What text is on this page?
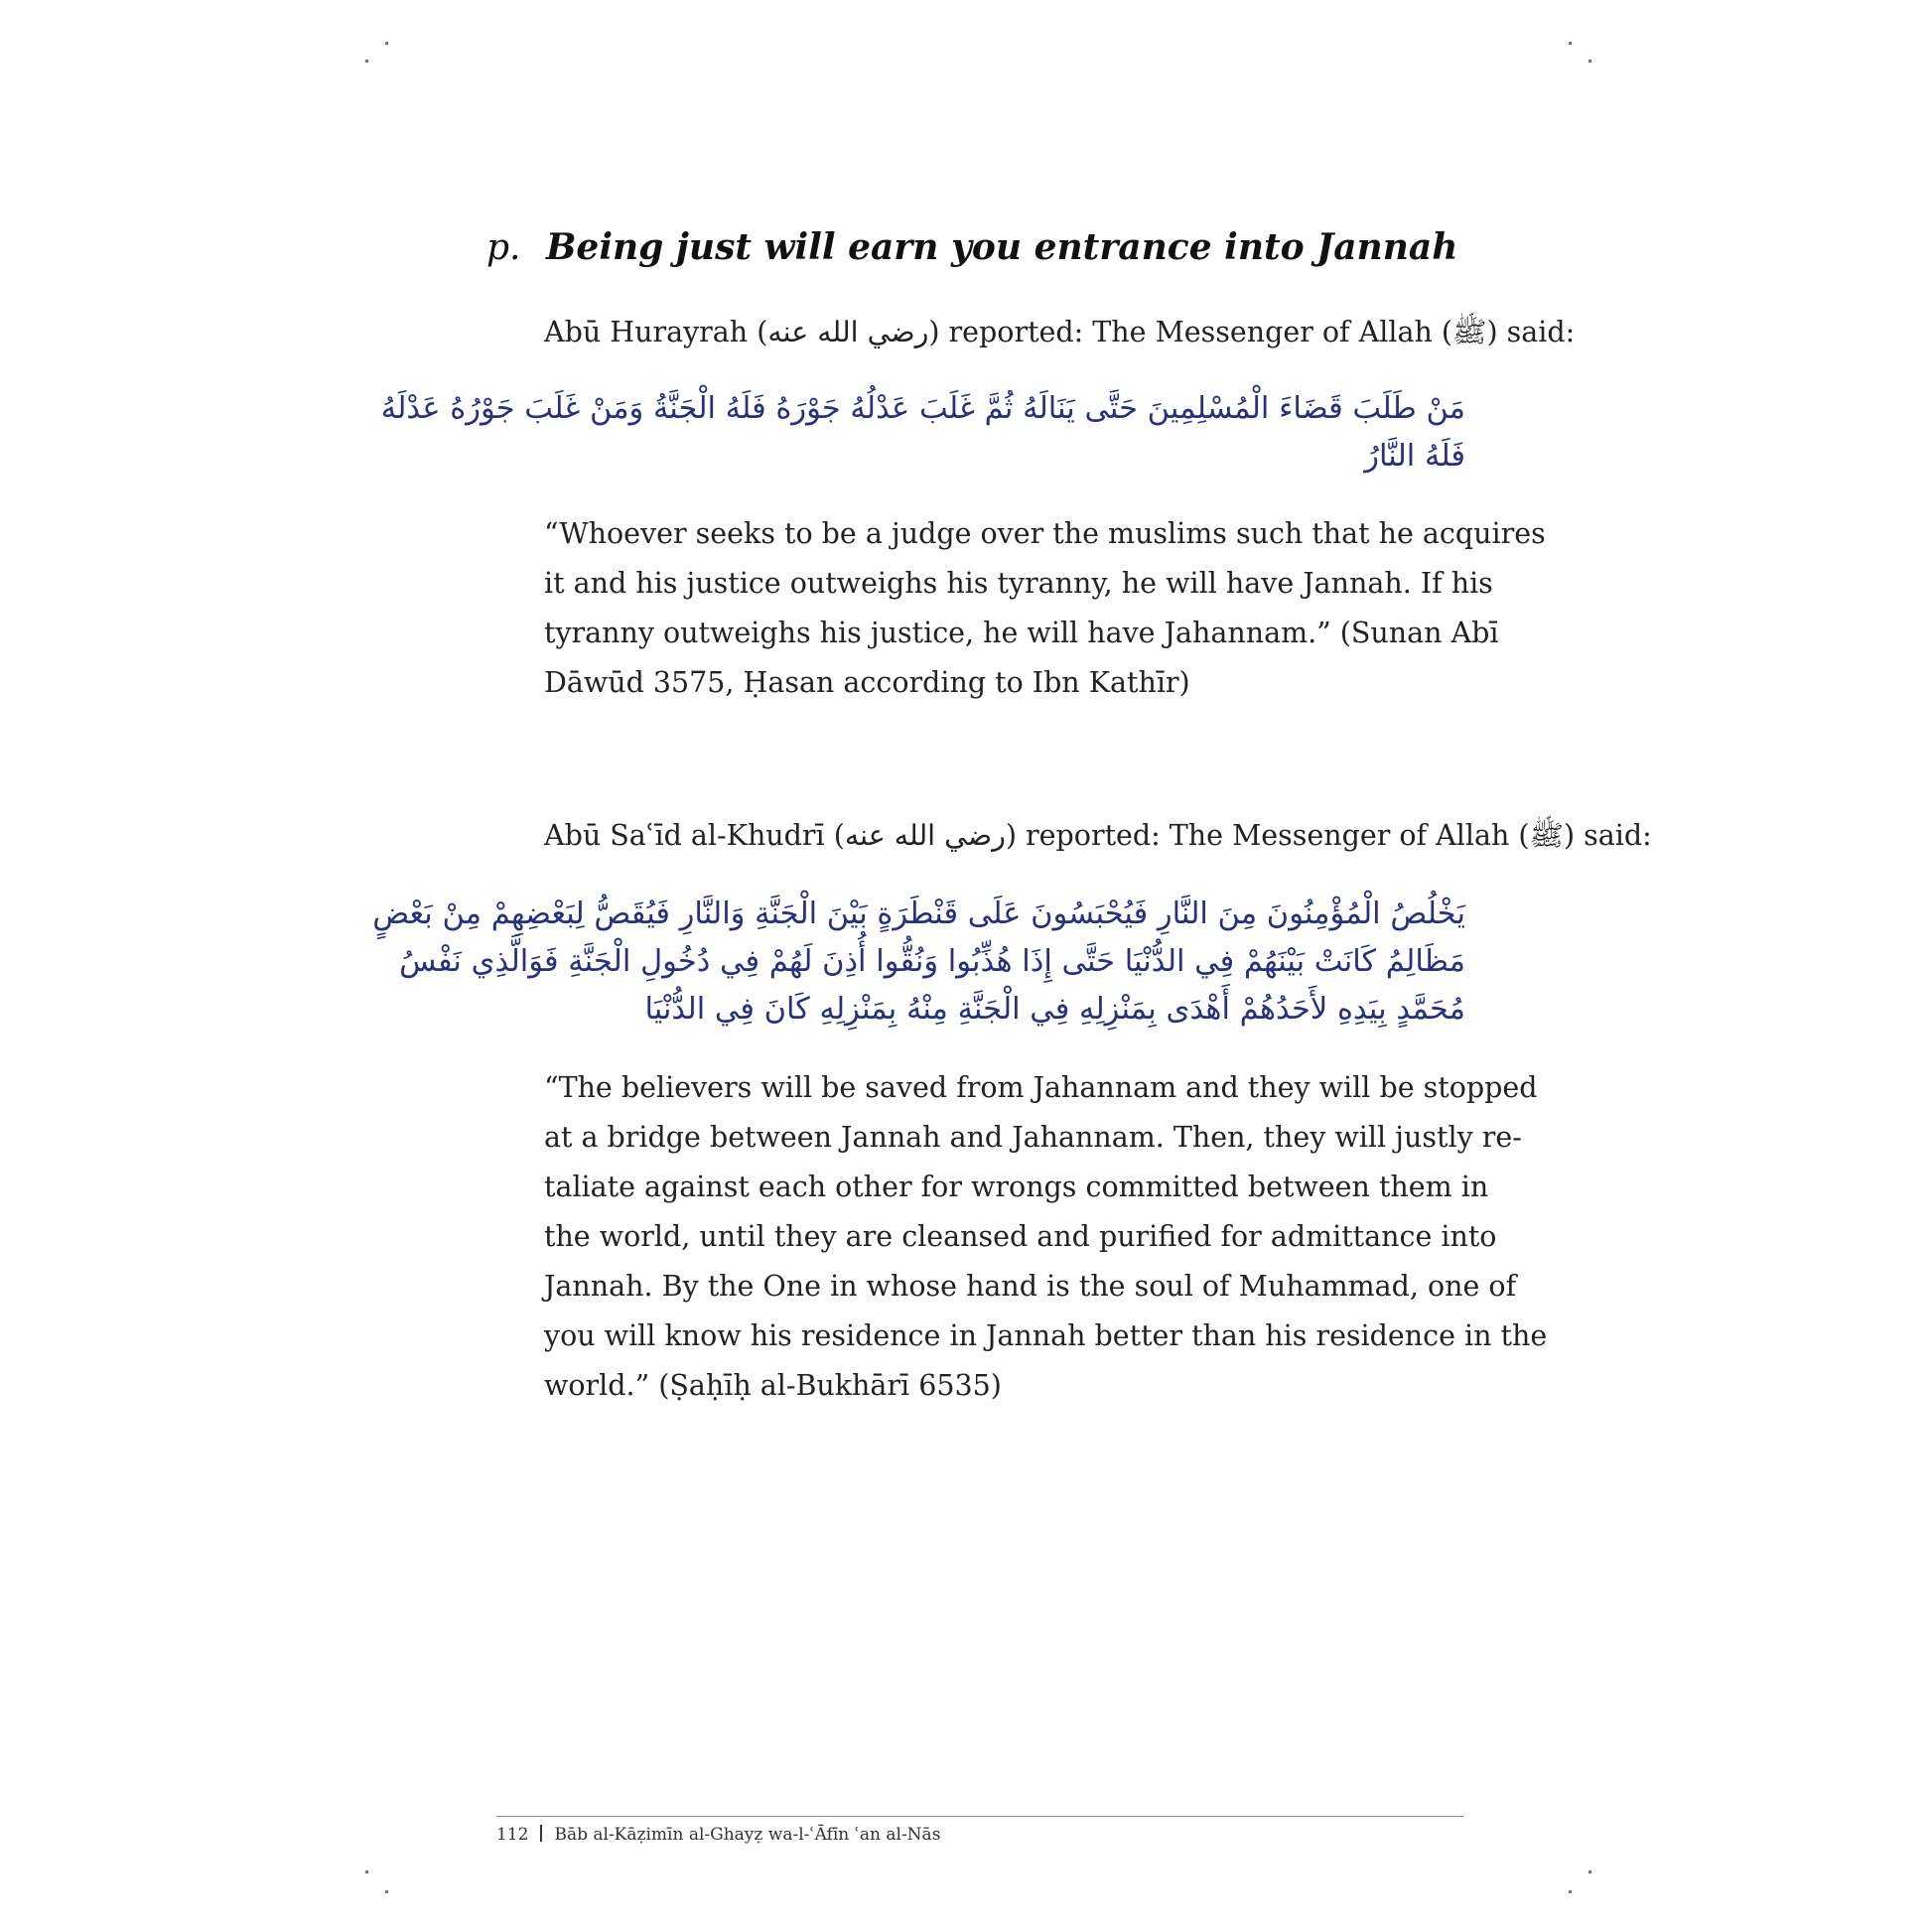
p. Being just will earn you entrance into Jannah
Abū Hurayrah (رضي الله عنه) reported: The Messenger of Allah (ﷺ) said:
مَنْ طَلَبَ قَضَاءَ الْمُسْلِمِينَ حَتَّى يَنَالَهُ ثُمَّ غَلَبَ عَدْلُهُ جَوْرَهُ فَلَهُ الْجَنَّةُ وَمَنْ غَلَبَ جَوْرُهُ عَدْلَهُ
فَلَهُ النَّارُ
“Whoever seeks to be a judge over the muslims such that he acquires
it and his justice outweighs his tyranny, he will have Jannah. If his
tyranny outweighs his justice, he will have Jahannam.” (Sunan Abī
Dāwūd 3575, Ḥasan according to Ibn Kathīr)
Abū Saʿīd al-Khudrī (رضي الله عنه) reported: The Messenger of Allah (ﷺ) said:
يَخْلُصُ الْمُؤْمِنُونَ مِنَ النَّارِ فَيُحْبَسُونَ عَلَى قَنْطَرَةٍ بَيْنَ الْجَنَّةِ وَالنَّارِ فَيُقَصُّ لِبَعْضِهِمْ مِنْ بَعْضٍ
مَظَالِمُ كَانَتْ بَيْنَهُمْ فِي الدُّنْيَا حَتَّى إِذَا هُذِّبُوا وَنُقُّوا أُذِنَ لَهُمْ فِي دُخُولِ الْجَنَّةِ فَوَالَّذِي نَفْسُ
مُحَمَّدٍ بِيَدِهِ لأَحَدُهُمْ أَهْدَى بِمَنْزِلِهِ فِي الْجَنَّةِ مِنْهُ بِمَنْزِلِهِ كَانَ فِي الدُّنْيَا
“The believers will be saved from Jahannam and they will be stopped
at a bridge between Jannah and Jahannam. Then, they will justly re-
taliate against each other for wrongs committed between them in
the world, until they are cleansed and purified for admittance into
Jannah. By the One in whose hand is the soul of Muhammad, one of
you will know his residence in Jannah better than his residence in the
world.” (Ṣaḥīḥ al-Bukhārī 6535)
112 Bāb al-Kāẓimīn al-Ghayẓ wa-l-ʿĀfīn ʿan al-Nās
